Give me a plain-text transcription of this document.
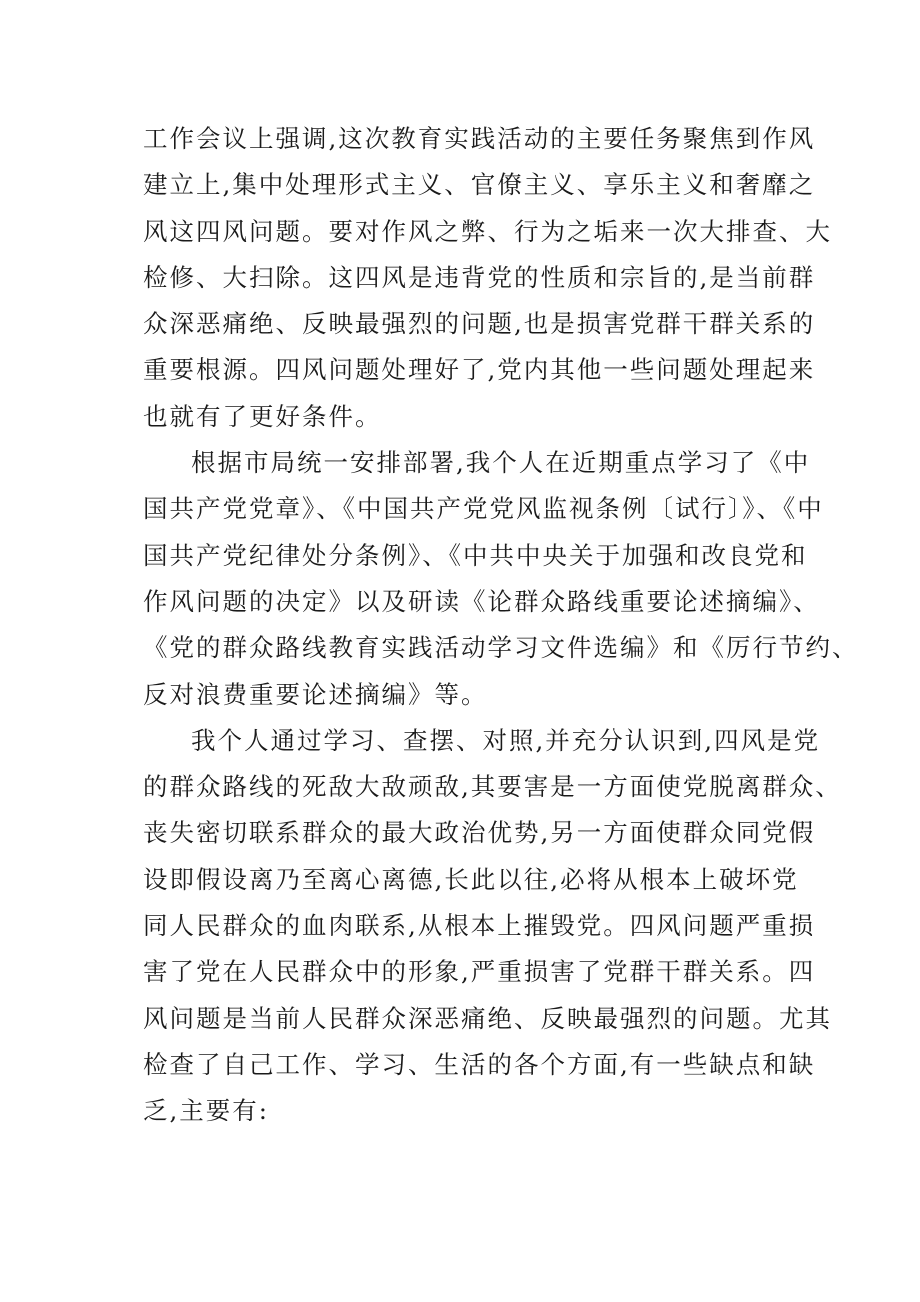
工作会议上强调,这次教育实践活动的主要任务聚焦到作风
建立上,集中处理形式主义、官僚主义、享乐主义和奢靡之
风这四风问题。要对作风之弊、行为之垢来一次大排查、大
检修、大扫除。这四风是违背党的性质和宗旨的,是当前群
众深恶痛绝、反映最强烈的问题,也是损害党群干群关系的
重要根源。四风问题处理好了,党内其他一些问题处理起来
也就有了更好条件。
根据市局统一安排部署,我个人在近期重点学习了《中
国共产党党章》、《中国共产党党风监视条例〔试行〕》、《中
国共产党纪律处分条例》、《中共中央关于加强和改良党和
作风问题的决定》以及研读《论群众路线重要论述摘编》、
《党的群众路线教育实践活动学习文件选编》和《厉行节约、
反对浪费重要论述摘编》等。
我个人通过学习、查摆、对照,并充分认识到,四风是党
的群众路线的死敌大敌顽敌,其要害是一方面使党脱离群众、
丧失密切联系群众的最大政治优势,另一方面使群众同党假
设即假设离乃至离心离德,长此以往,必将从根本上破坏党
同人民群众的血肉联系,从根本上摧毁党。四风问题严重损
害了党在人民群众中的形象,严重损害了党群干群关系。四
风问题是当前人民群众深恶痛绝、反映最强烈的问题。尤其
检查了自己工作、学习、生活的各个方面,有一些缺点和缺
乏,主要有:
